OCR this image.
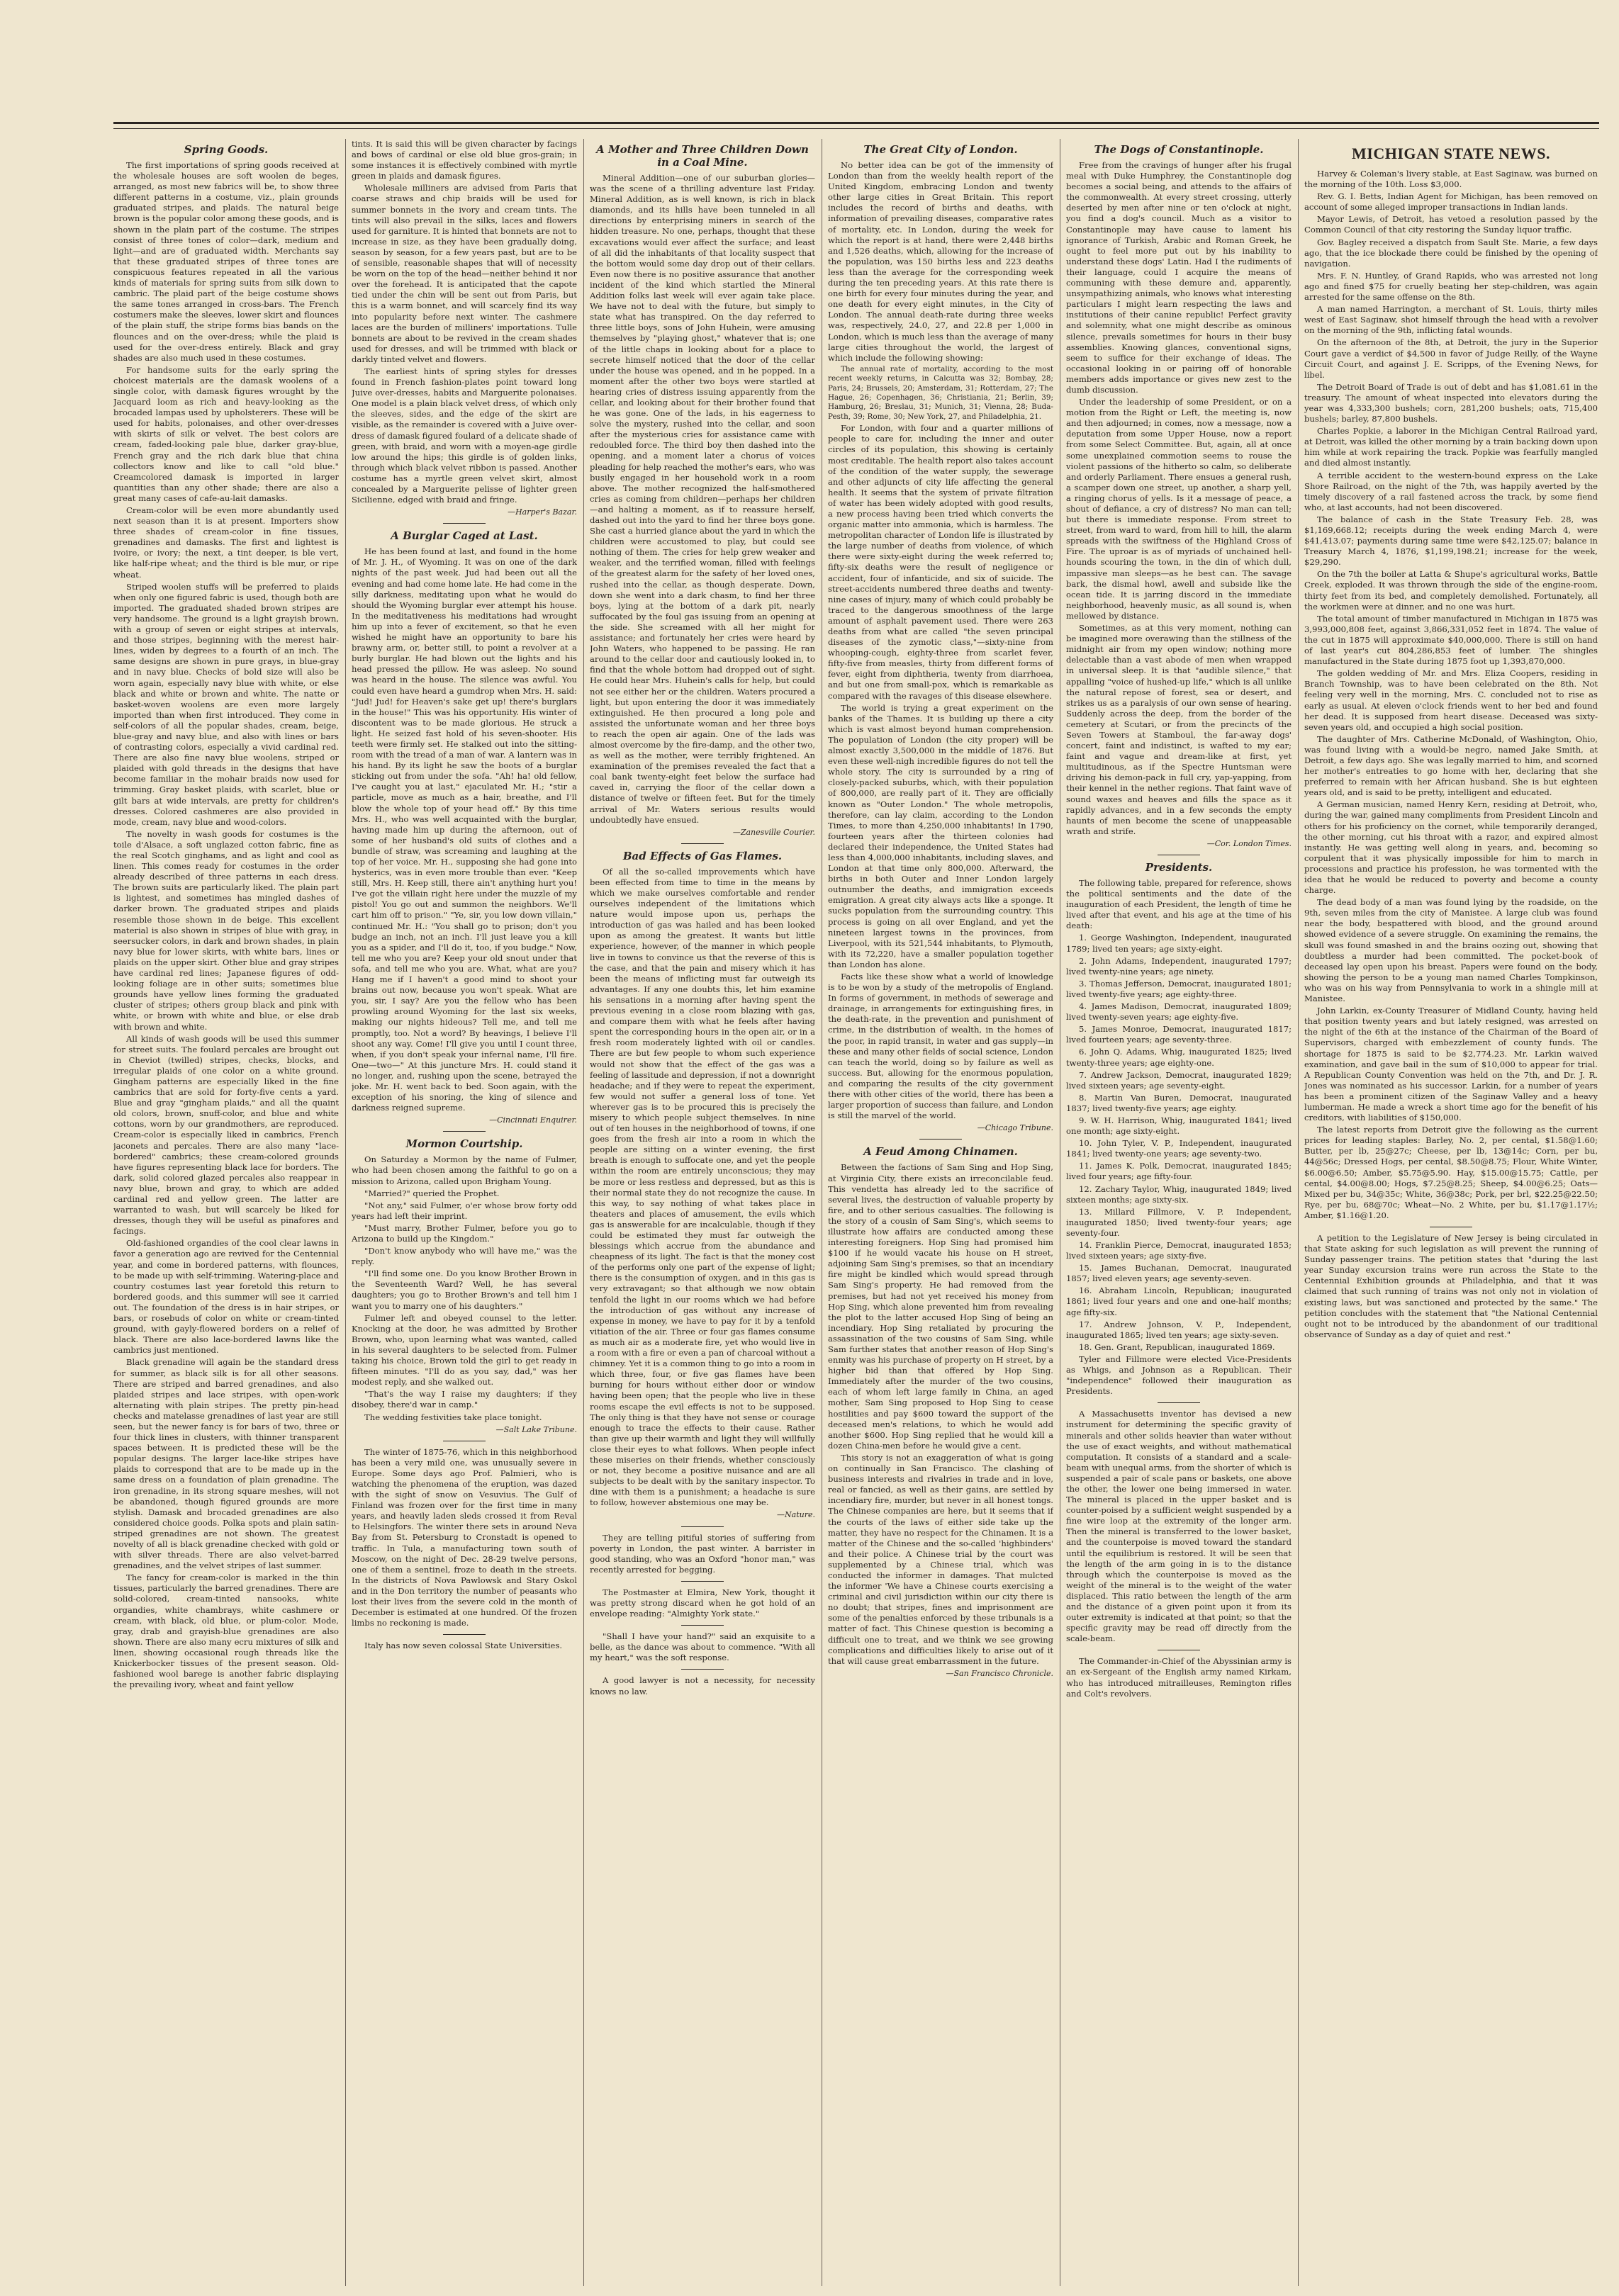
Spring Goods.

The first importations of spring goods received at the wholesale houses are soft woolen de beges, arranged, as most new fabrics will be, to show three different patterns in a costume, viz., plain grounds graduated stripes, and plaids. The natural beige brown is the popular color among these goods, and is shown in the plain part of the costume. The stripes consist of three tones of color—dark, medium and light—and are of graduated width. Merchants say that these graduated stripes of three tones are conspicuous features repeated in all the various kinds of materials for spring suits from silk down to cambric. The plaid part of the beige costume shows the same tones arranged in cross-bars. The French costumers make the sleeves, lower skirt and flounces of the plain stuff, the stripe forms bias bands on the flounces and on the over-dress; while the plaid is used for the over-dress entirely. Black and gray shades are also much used in these costumes.

For handsome suits for the early spring the choicest materials are the damask woolens of a single color, with damask figures wrought by the Jacquard loom as rich and heavy-looking as the brocaded lampas used by upholsterers. These will be used for habits, polonaises, and other over-dresses with skirts of silk or velvet. The best colors are cream, faded-looking pale blue, darker gray-blue, French gray and the rich dark blue that china collectors know and like to call "old blue." Creamcolored damask is imported in larger quantities than any other shade; there are also a great many cases of cafe-au-lait damasks.

Cream-color will be even more abundantly used next season than it is at present. Importers show three shades of cream-color in fine tissues, grenadines and damasks. The first and lightest is ivoire, or ivory; the next, a tint deeper, is ble vert, like half-ripe wheat; and the third is ble mur, or ripe wheat.

Striped woolen stuffs will be preferred to plaids when only one figured fabric is used, though both are imported. The graduated shaded brown stripes are very handsome. The ground is a light grayish brown, with a group of seven or eight stripes at intervals, and those stripes, beginning with the merest hair-lines, widen by degrees to a fourth of an inch. The same designs are shown in pure grays, in blue-gray and in navy blue. Checks of bold size will also be worn again, especially navy blue with white, or else black and white or brown and white. The natte or basket-woven woolens are even more largely imported than when first introduced. They come in self-colors of all the popular shades, cream, beige, blue-gray and navy blue, and also with lines or bars of contrasting colors, especially a vivid cardinal red. There are also fine navy blue woolens, striped or plaided with gold threads in the designs that have become familiar in the mohair braids now used for trimming. Gray basket plaids, with scarlet, blue or gilt bars at wide intervals, are pretty for children's dresses. Colored cashmeres are also provided in mode, cream, navy blue and wood-colors.

The novelty in wash goods for costumes is the toile d'Alsace, a soft unglazed cotton fabric, fine as the real Scotch ginghams, and as light and cool as linen. This comes ready for costumes in the order already described of three patterns in each dress. The brown suits are particularly liked. The plain part is lightest, and sometimes has mingled dashes of darker brown. The graduated stripes and plaids resemble those shown in de beige. This excellent material is also shown in stripes of blue with gray, in seersucker colors, in dark and brown shades, in plain navy blue for lower skirts, with white bars, lines or plaids on the upper skirt. Other blue and gray stripes have cardinal red lines; Japanese figures of odd-looking foliage are in other suits; sometimes blue grounds have yellow lines forming the graduated cluster of stripes; others group black and pink with white, or brown with white and blue, or else drab with brown and white.

All kinds of wash goods will be used this summer for street suits. The foulard percales are brought out in Cheviot (twilled) stripes, checks, blocks, and irregular plaids of one color on a white ground. Gingham patterns are especially liked in the fine cambrics that are sold for forty-five cents a yard. Blue and gray "gingham plaids," and all the quaint old colors, brown, snuff-color, and blue and white cottons, worn by our grandmothers, are reproduced. Cream-color is especially liked in cambrics, French jaconets and percales. There are also many "lace-bordered" cambrics; these cream-colored grounds have figures representing black lace for borders. The dark, solid colored glazed percales also reappear in navy blue, brown and gray, to which are added cardinal red and yellow green. The latter are warranted to wash, but will scarcely be liked for dresses, though they will be useful as pinafores and facings.

Old-fashioned organdies of the cool clear lawns in favor a generation ago are revived for the Centennial year, and come in bordered patterns, with flounces, to be made up with self-trimming. Watering-place and country costumes last year foretold this return to bordered goods, and this summer will see it carried out. The foundation of the dress is in hair stripes, or bars, or rosebuds of color on white or cream-tinted ground, with gayly-flowered borders on a relief of black. There are also lace-bordered lawns like the cambrics just mentioned.

Black grenadine will again be the standard dress for summer, as black silk is for all other seasons. There are striped and barred grenadines, and also plaided stripes and lace stripes, with open-work alternating with plain stripes. The pretty pin-head checks and matelasse grenadines of last year are still seen, but the newer fancy is for bars of two, three or four thick lines in clusters, with thinner transparent spaces between. It is predicted these will be the popular designs. The larger lace-like stripes have plaids to correspond that are to be made up in the same dress on a foundation of plain grenadine. The iron grenadine, in its strong square meshes, will not be abandoned, though figured grounds are more stylish. Damask and brocaded grenadines are also considered choice goods. Polka spots and plain satin-striped grenadines are not shown. The greatest novelty of all is black grenadine checked with gold or with silver threads. There are also velvet-barred grenadines, and the velvet stripes of last summer.

The fancy for cream-color is marked in the thin tissues, particularly the barred grenadines. There are solid-colored, cream-tinted nansooks, white organdies, white chambrays, white cashmere or cream, with black, old blue, or plum-color. Mode, gray, drab and grayish-blue grenadines are also shown. There are also many ecru mixtures of silk and linen, showing occasional rough threads like the Knickerbocker tissues of the present season. Old-fashioned wool barege is another fabric displaying the prevailing ivory, wheat and faint yellow

tints. It is said this will be given character by facings and bows of cardinal or else old blue gros-grain; in some instances it is effectively combined with myrtle green in plaids and damask figures.

Wholesale milliners are advised from Paris that coarse straws and chip braids will be used for summer bonnets in the ivory and cream tints. The tints will also prevail in the silks, laces and flowers used for garniture. It is hinted that bonnets are not to increase in size, as they have been gradually doing, season by season, for a few years past, but are to be of sensible, reasonable shapes that will of necessity be worn on the top of the head—neither behind it nor over the forehead. It is anticipated that the capote tied under the chin will be sent out from Paris, but this is a warm bonnet, and will scarcely find its way into popularity before next winter. The cashmere laces are the burden of milliners' importations. Tulle bonnets are about to be revived in the cream shades used for dresses, and will be trimmed with black or darkly tinted velvet and flowers.

The earliest hints of spring styles for dresses found in French fashion-plates point toward long Juive over-dresses, habits and Marguerite polonaises. One model is a plain black velvet dress, of which only the sleeves, sides, and the edge of the skirt are visible, as the remainder is covered with a Juive over-dress of damask figured foulard of a delicate shade of green, with braid, and worn with a moyen-age girdle low around the hips; this girdle is of golden links, through which black velvet ribbon is passed. Another costume has a myrtle green velvet skirt, almost concealed by a Marguerite pelisse of lighter green Sicilienne, edged with braid and fringe.

—Harper's Bazar.
A Burglar Caged at Last.

He has been found at last, and found in the home of Mr. J. H., of Wyoming. It was on one of the dark nights of the past week. Jud had been out all the evening and had come home late. He had come in the silly darkness, meditating upon what he would do should the Wyoming burglar ever attempt his house. In the meditativeness his meditations had wrought him up into a fever of excitement, so that he even wished he might have an opportunity to bare his brawny arm, or, better still, to point a revolver at a burly burglar. He had blown out the lights and his head pressed the pillow. He was asleep. No sound was heard in the house. The silence was awful. You could even have heard a gumdrop when Mrs. H. said: "Jud! Jud! for Heaven's sake get up! there's burglars in the house!" This was his opportunity. His winter of discontent was to be made glorious. He struck a light. He seized fast hold of his seven-shooter. His teeth were firmly set. He stalked out into the sitting-room with the tread of a man of war. A lantern was in his hand. By its light he saw the boots of a burglar sticking out from under the sofa. "Ah! ha! old fellow, I've caught you at last," ejaculated Mr. H.; "stir a particle, move as much as a hair, breathe, and I'll blow the whole top of your head off." By this time Mrs. H., who was well acquainted with the burglar, having made him up during the afternoon, out of some of her husband's old suits of clothes and a bundle of straw, was screaming and laughing at the top of her voice. Mr. H., supposing she had gone into hysterics, was in even more trouble than ever. "Keep still, Mrs. H. Keep still, there ain't anything hurt you! I've got the villain right here under the muzzle of my pistol! You go out and summon the neighbors. We'll cart him off to prison." "Ye, sir, you low down villain," continued Mr. H.: "You shall go to prison; don't you budge an inch, not an inch. I'll just leave you a kill you as a spider, and I'll do it, too, if you budge." Now, tell me who you are? Keep your old snout under that sofa, and tell me who you are. What, what are you? Hang me if I haven't a good mind to shoot your brains out now, because you won't speak. What are you, sir, I say? Are you the fellow who has been prowling around Wyoming for the last six weeks, making our nights hideous? Tell me, and tell me promptly, too. Not a word? By heavings, I believe I'll shoot any way. Come! I'll give you until I count three, when, if you don't speak your infernal name, I'll fire. One—two—" At this juncture Mrs. H. could stand it no longer, and, rushing upon the scene, betrayed the joke. Mr. H. went back to bed. Soon again, with the exception of his snoring, the king of silence and darkness reigned supreme.

—Cincinnati Enquirer.
Mormon Courtship.

On Saturday a Mormon by the name of Fulmer, who had been chosen among the faithful to go on a mission to Arizona, called upon Brigham Young.

"Married?" queried the Prophet.

"Not any," said Fulmer, o'er whose brow forty odd years had left their imprint.

"Must marry, Brother Fulmer, before you go to Arizona to build up the Kingdom."

"Don't know anybody who will have me," was the reply.

"I'll find some one. Do you know Brother Brown in the Seventeenth Ward? Well, he has several daughters; you go to Brother Brown's and tell him I want you to marry one of his daughters."

Fulmer left and obeyed counsel to the letter. Knocking at the door, he was admitted by Brother Brown, who, upon learning what was wanted, called in his several daughters to be selected from. Fulmer taking his choice, Brown told the girl to get ready in fifteen minutes. "I'll do as you say, dad," was her modest reply, and she walked out.

"That's the way I raise my daughters; if they disobey, there'd war in camp."

The wedding festivities take place tonight.

—Salt Lake Tribune.

The winter of 1875-76, which in this neighborhood has been a very mild one, was unusually severe in Europe. Some days ago Prof. Palmieri, who is watching the phenomena of the eruption, was dazed with the sight of snow on Vesuvius. The Gulf of Finland was frozen over for the first time in many years, and heavily laden sleds crossed it from Reval to Helsingfors. The winter there sets in around Neva Bay from St. Petersburg to Cronstadt is opened to traffic. In Tula, a manufacturing town south of Moscow, on the night of Dec. 28-29 twelve persons, one of them a sentinel, froze to death in the streets. In the districts of Nova Pawlowsk and Stary Oskol and in the Don territory the number of peasants who lost their lives from the severe cold in the month of December is estimated at one hundred. Of the frozen limbs no reckoning is made.

Italy has now seven colossal State Universities.

A Mother and Three Children Down in a Coal Mine.

Mineral Addition—one of our suburban glories—was the scene of a thrilling adventure last Friday. Mineral Addition, as is well known, is rich in black diamonds, and its hills have been tunneled in all directions by enterprising miners in search of the hidden treasure. No one, perhaps, thought that these excavations would ever affect the surface; and least of all did the inhabitants of that locality suspect that the bottom would some day drop out of their cellars. Even now there is no positive assurance that another incident of the kind which startled the Mineral Addition folks last week will ever again take place. We have not to deal with the future, but simply to state what has transpired. On the day referred to three little boys, sons of John Huhein, were amusing themselves by "playing ghost," whatever that is; one of the little chaps in looking about for a place to secrete himself noticed that the door of the cellar under the house was opened, and in he popped. In a moment after the other two boys were startled at hearing cries of distress issuing apparently from the cellar, and looking about for their brother found that he was gone. One of the lads, in his eagerness to solve the mystery, rushed into the cellar, and soon after the mysterious cries for assistance came with redoubled force. The third boy then dashed into the opening, and a moment later a chorus of voices pleading for help reached the mother's ears, who was busily engaged in her household work in a room above. The mother recognized the half-smothered cries as coming from children—perhaps her children—and halting a moment, as if to reassure herself, dashed out into the yard to find her three boys gone. She cast a hurried glance about the yard in which the children were accustomed to play, but could see nothing of them. The cries for help grew weaker and weaker, and the terrified woman, filled with feelings of the greatest alarm for the safety of her loved ones, rushed into the cellar, as though desperate. Down, down she went into a dark chasm, to find her three boys, lying at the bottom of a dark pit, nearly suffocated by the foul gas issuing from an opening at the side. She screamed with all her might for assistance; and fortunately her cries were heard by John Waters, who happened to be passing. He ran around to the cellar door and cautiously looked in, to find that the whole bottom had dropped out of sight. He could hear Mrs. Huhein's calls for help, but could not see either her or the children. Waters procured a light, but upon entering the door it was immediately extinguished. He then procured a long pole and assisted the unfortunate woman and her three boys to reach the open air again. One of the lads was almost overcome by the fire-damp, and the other two, as well as the mother, were terribly frightened. An examination of the premises revealed the fact that a coal bank twenty-eight feet below the surface had caved in, carrying the floor of the cellar down a distance of twelve or fifteen feet. But for the timely arrival of Mr. Waters serious results would undoubtedly have ensued.

—Zanesville Courier.
Bad Effects of Gas Flames.

Of all the so-called improvements which have been effected from time to time in the means by which we make ourselves comfortable and render ourselves independent of the limitations which nature would impose upon us, perhaps the introduction of gas was hailed and has been looked upon as among the greatest. It wants but little experience, however, of the manner in which people live in towns to convince us that the reverse of this is the case, and that the pain and misery which it has been the means of inflicting must far outweigh its advantages. If any one doubts this, let him examine his sensations in a morning after having spent the previous evening in a close room blazing with gas, and compare them with what he feels after having spent the corresponding hours in the open air, or in a fresh room moderately lighted with oil or candles. There are but few people to whom such experience would not show that the effect of the gas was a feeling of lassitude and depression, if not a downright headache; and if they were to repeat the experiment, few would not suffer a general loss of tone. Yet wherever gas is to be procured this is precisely the misery to which people subject themselves. In nine out of ten houses in the neighborhood of towns, if one goes from the fresh air into a room in which the people are sitting on a winter evening, the first breath is enough to suffocate one, and yet the people within the room are entirely unconscious; they may be more or less restless and depressed, but as this is their normal state they do not recognize the cause. In this way, to say nothing of what takes place in theaters and places of amusement, the evils which gas is answerable for are incalculable, though if they could be estimated they must far outweigh the blessings which accrue from the abundance and cheapness of its light. The fact is that the money cost of the performs only one part of the expense of light; there is the consumption of oxygen, and in this gas is very extravagant; so that although we now obtain tenfold the light in our rooms which we had before the introduction of gas without any increase of expense in money, we have to pay for it by a tenfold vitiation of the air. Three or four gas flames consume as much air as a moderate fire, yet who would live in a room with a fire or even a pan of charcoal without a chimney. Yet it is a common thing to go into a room in which three, four, or five gas flames have been burning for hours without either door or window having been open; that the people who live in these rooms escape the evil effects is not to be supposed. The only thing is that they have not sense or courage enough to trace the effects to their cause. Rather than give up their warmth and light they will willfully close their eyes to what follows. When people infect these miseries on their friends, whether consciously or not, they become a positive nuisance and are all subjects to be dealt with by the sanitary inspector. To dine with them is a punishment; a headache is sure to follow, however abstemious one may be.

—Nature.

They are telling pitiful stories of suffering from poverty in London, the past winter. A barrister in good standing, who was an Oxford "honor man," was recently arrested for begging.

The Postmaster at Elmira, New York, thought it was pretty strong discard when he got hold of an envelope reading: "Almighty York state."

"Shall I have your hand?" said an exquisite to a belle, as the dance was about to commence. "With all my heart," was the soft response.

A good lawyer is not a necessity, for necessity knows no law.

The Great City of London.

No better idea can be got of the immensity of London than from the weekly health report of the United Kingdom, embracing London and twenty other large cities in Great Britain. This report includes the record of births and deaths, with information of prevailing diseases, comparative rates of mortality, etc. In London, during the week for which the report is at hand, there were 2,448 births and 1,526 deaths, which, allowing for the increase of the population, was 150 births less and 223 deaths less than the average for the corresponding week during the ten preceding years. At this rate there is one birth for every four minutes during the year, and one death for every eight minutes, in the City of London. The annual death-rate during three weeks was, respectively, 24.0, 27, and 22.8 per 1,000 in London, which is much less than the average of many large cities throughout the world, the largest of which include the following showing:

The annual rate of mortality, according to the most recent weekly returns, in Calcutta was 32; Bombay, 28; Paris, 24; Brussels, 20; Amsterdam, 31; Rotterdam, 27; The Hague, 26; Copenhagen, 36; Christiania, 21; Berlin, 39; Hamburg, 26; Breslau, 31; Munich, 31; Vienna, 28; Buda-Pesth, 39; Rome, 30; New York, 27, and Philadelphia, 21.

For London, with four and a quarter millions of people to care for, including the inner and outer circles of its population, this showing is certainly most creditable. The health report also takes account of the condition of the water supply, the sewerage and other adjuncts of city life affecting the general health. It seems that the system of private filtration of water has been widely adopted with good results, a new process having been tried which converts the organic matter into ammonia, which is harmless. The metropolitan character of London life is illustrated by the large number of deaths from violence, of which there were sixty-eight during the week referred to; fifty-six deaths were the result of negligence or accident, four of infanticide, and six of suicide. The street-accidents numbered three deaths and twenty-nine cases of injury, many of which could probably be traced to the dangerous smoothness of the large amount of asphalt pavement used. There were 263 deaths from what are called "the seven principal diseases of the zymotic class,"—sixty-nine from whooping-cough, eighty-three from scarlet fever, fifty-five from measles, thirty from different forms of fever, eight from diphtheria, twenty from diarrhoea, and but one from small-pox, which is remarkable as compared with the ravages of this disease elsewhere.

The world is trying a great experiment on the banks of the Thames. It is building up there a city which is vast almost beyond human comprehension. The population of London (the city proper) will be almost exactly 3,500,000 in the middle of 1876. But even these well-nigh incredible figures do not tell the whole story. The city is surrounded by a ring of closely-packed suburbs, which, with their population of 800,000, are really part of it. They are officially known as "Outer London." The whole metropolis, therefore, can lay claim, according to the London Times, to more than 4,250,000 inhabitants! In 1790, fourteen years after the thirteen colonies had declared their independence, the United States had less than 4,000,000 inhabitants, including slaves, and London at that time only 800,000. Afterward, the births in both Outer and Inner London largely outnumber the deaths, and immigration exceeds emigration. A great city always acts like a sponge. It sucks population from the surrounding country. This process is going on all over England, and yet the nineteen largest towns in the provinces, from Liverpool, with its 521,544 inhabitants, to Plymouth, with its 72,220, have a smaller population together than London has alone.

Facts like these show what a world of knowledge is to be won by a study of the metropolis of England. In forms of government, in methods of sewerage and drainage, in arrangements for extinguishing fires, in the death-rate, in the prevention and punishment of crime, in the distribution of wealth, in the homes of the poor, in rapid transit, in water and gas supply—in these and many other fields of social science, London can teach the world, doing so by failure as well as success. But, allowing for the enormous population, and comparing the results of the city government there with other cities of the world, there has been a larger proportion of success than failure, and London is still the marvel of the world.

—Chicago Tribune.
A Feud Among Chinamen.

Between the factions of Sam Sing and Hop Sing, at Virginia City, there exists an irreconcilable feud. This vendetta has already led to the sacrifice of several lives, the destruction of valuable property by fire, and to other serious casualties. The following is the story of a cousin of Sam Sing's, which seems to illustrate how affairs are conducted among these interesting foreigners. Hop Sing had promised him $100 if he would vacate his house on H street, adjoining Sam Sing's premises, so that an incendiary fire might be kindled which would spread through Sam Sing's property. He had removed from the premises, but had not yet received his money from Hop Sing, which alone prevented him from revealing the plot to the latter accused Hop Sing of being an incendiary. Hop Sing retaliated by procuring the assassination of the two cousins of Sam Sing, while Sam further states that another reason of Hop Sing's enmity was his purchase of property on H street, by a higher bid than that offered by Hop Sing. Immediately after the murder of the two cousins, each of whom left large family in China, an aged mother, Sam Sing proposed to Hop Sing to cease hostilities and pay $600 toward the support of the deceased men's relations, to which he would add another $600. Hop Sing replied that he would kill a dozen China-men before he would give a cent.

This story is not an exaggeration of what is going on continually in San Francisco. The clashing of business interests and rivalries in trade and in love, real or fancied, as well as their gains, are settled by incendiary fire, murder, but never in all honest tongs. The Chinese companies are here, but it seems that if the courts of the laws of either side take up the matter, they have no respect for the Chinamen. It is a matter of the Chinese and the so-called 'highbinders' and their police. A Chinese trial by the court was supplemented by a Chinese trial, which was conducted the informer in damages. That mulcted the informer 'We have a Chinese courts exercising a criminal and civil jurisdiction within our city there is no doubt; that stripes, fines and imprisonment are some of the penalties enforced by these tribunals is a matter of fact. This Chinese question is becoming a difficult one to treat, and we think we see growing complications and difficulties likely to arise out of it that will cause great embarrassment in the future.

—San Francisco Chronicle.
The Dogs of Constantinople.

Free from the cravings of hunger after his frugal meal with Duke Humphrey, the Constantinople dog becomes a social being, and attends to the affairs of the commonwealth. At every street crossing, utterly deserted by men after nine or ten o'clock at night, you find a dog's council. Much as a visitor to Constantinople may have cause to lament his ignorance of Turkish, Arabic and Roman Greek, he ought to feel more put out by his inability to understand these dogs' Latin. Had I the rudiments of their language, could I acquire the means of communing with these demure and, apparently, unsympathizing animals, who knows what interesting particulars I might learn respecting the laws and institutions of their canine republic! Perfect gravity and solemnity, what one might describe as ominous silence, prevails sometimes for hours in their busy assemblies. Knowing glances, conventional signs, seem to suffice for their exchange of ideas. The occasional looking in or pairing off of honorable members adds importance or gives new zest to the dumb discussion.

Under the leadership of some President, or on a motion from the Right or Left, the meeting is, now and then adjourned; in comes, now a message, now a deputation from some Upper House, now a report from some Select Committee. But, again, all at once some unexplained commotion seems to rouse the violent passions of the hitherto so calm, so deliberate and orderly Parliament. There ensues a general rush, a scamper down one street, up another, a sharp yell, a ringing chorus of yells. Is it a message of peace, a shout of defiance, a cry of distress? No man can tell; but there is immediate response. From street to street, from ward to ward, from hill to hill, the alarm spreads with the swiftness of the Highland Cross of Fire. The uproar is as of myriads of unchained hell-hounds scouring the town, in the din of which dull, impassive man sleeps—as he best can. The savage bark, the dismal howl, awell and subside like the ocean tide. It is jarring discord in the immediate neighborhood, heavenly music, as all sound is, when mellowed by distance.

Sometimes, as at this very moment, nothing can be imagined more overawing than the stillness of the midnight air from my open window; nothing more delectable than a vast abode of men when wrapped in universal sleep. It is that "audible silence," that appalling "voice of hushed-up life," which is all unlike the natural repose of forest, sea or desert, and strikes us as a paralysis of our own sense of hearing. Suddenly across the deep, from the border of the cemetery at Scutari, or from the precincts of the Seven Towers at Stamboul, the far-away dogs' concert, faint and indistinct, is wafted to my ear; faint and vague and dream-like at first, yet multitudinous, as if the Spectre Huntsman were driving his demon-pack in full cry, yap-yapping, from their kennel in the nether regions. That faint wave of sound waxes and heaves and fills the space as it rapidly advances, and in a few seconds the empty haunts of men become the scene of unappeasable wrath and strife.

—Cor. London Times.
Presidents.

The following table, prepared for reference, shows the political sentiments and the date of the inauguration of each President, the length of time he lived after that event, and his age at the time of his death:

1. George Washington, Independent, inaugurated 1789; lived ten years; age sixty-eight.

2. John Adams, Independent, inaugurated 1797; lived twenty-nine years; age ninety.

3. Thomas Jefferson, Democrat, inaugurated 1801; lived twenty-five years; age eighty-three.

4. James Madison, Democrat, inaugurated 1809; lived twenty-seven years; age eighty-five.

5. James Monroe, Democrat, inaugurated 1817; lived fourteen years; age seventy-three.

6. John Q. Adams, Whig, inaugurated 1825; lived twenty-three years; age eighty-one.

7. Andrew Jackson, Democrat, inaugurated 1829; lived sixteen years; age seventy-eight.

8. Martin Van Buren, Democrat, inaugurated 1837; lived twenty-five years; age eighty.

9. W. H. Harrison, Whig, inaugurated 1841; lived one month; age sixty-eight.

10. John Tyler, V. P., Independent, inaugurated 1841; lived twenty-one years; age seventy-two.

11. James K. Polk, Democrat, inaugurated 1845; lived four years; age fifty-four.

12. Zachary Taylor, Whig, inaugurated 1849; lived sixteen months; age sixty-six.

13. Millard Fillmore, V. P. Independent, inaugurated 1850; lived twenty-four years; age seventy-four.

14. Franklin Pierce, Democrat, inaugurated 1853; lived sixteen years; age sixty-five.

15. James Buchanan, Democrat, inaugurated 1857; lived eleven years; age seventy-seven.

16. Abraham Lincoln, Republican; inaugurated 1861; lived four years and one and one-half months; age fifty-six.

17. Andrew Johnson, V. P., Independent, inaugurated 1865; lived ten years; age sixty-seven.

18. Gen. Grant, Republican, inaugurated 1869.

Tyler and Fillmore were elected Vice-Presidents as Whigs, and Johnson as a Republican. Their "independence" followed their inauguration as Presidents.

A Massachusetts inventor has devised a new instrument for determining the specific gravity of minerals and other solids heavier than water without the use of exact weights, and without mathematical computation. It consists of a standard and a scale-beam with unequal arms, from the shorter of which is suspended a pair of scale pans or baskets, one above the other, the lower one being immersed in water. The mineral is placed in the upper basket and is counter-poised by a sufficient weight suspended by a fine wire loop at the extremity of the longer arm. Then the mineral is transferred to the lower basket, and the counterpoise is moved toward the standard until the equilibrium is restored. It will be seen that the length of the arm going in is to the distance through which the counterpoise is moved as the weight of the mineral is to the weight of the water displaced. This ratio between the length of the arm and the distance of a given point upon it from its outer extremity is indicated at that point; so that the specific gravity may be read off directly from the scale-beam.

The Commander-in-Chief of the Abyssinian army is an ex-Sergeant of the English army named Kirkam, who has introduced mitrailleuses, Remington rifles and Colt's revolvers.

MICHIGAN STATE NEWS.

Harvey & Coleman's livery stable, at East Saginaw, was burned on the morning of the 10th. Loss $3,000.

Rev. G. I. Betts, Indian Agent for Michigan, has been removed on account of some alleged improper transactions in Indian lands.

Mayor Lewis, of Detroit, has vetoed a resolution passed by the Common Council of that city restoring the Sunday liquor traffic.

Gov. Bagley received a dispatch from Sault Ste. Marie, a few days ago, that the ice blockade there could be finished by the opening of navigation.

Mrs. F. N. Huntley, of Grand Rapids, who was arrested not long ago and fined $75 for cruelly beating her step-children, was again arrested for the same offense on the 8th.

A man named Harrington, a merchant of St. Louis, thirty miles west of East Saginaw, shot himself through the head with a revolver on the morning of the 9th, inflicting fatal wounds.

On the afternoon of the 8th, at Detroit, the jury in the Superior Court gave a verdict of $4,500 in favor of Judge Reilly, of the Wayne Circuit Court, and against J. E. Scripps, of the Evening News, for libel.

The Detroit Board of Trade is out of debt and has $1,081.61 in the treasury. The amount of wheat inspected into elevators during the year was 4,333,300 bushels; corn, 281,200 bushels; oats, 715,400 bushels; barley, 87,800 bushels.

Charles Popkie, a laborer in the Michigan Central Railroad yard, at Detroit, was killed the other morning by a train backing down upon him while at work repairing the track. Popkie was fearfully mangled and died almost instantly.

A terrible accident to the western-bound express on the Lake Shore Railroad, on the night of the 7th, was happily averted by the timely discovery of a rail fastened across the track, by some fiend who, at last accounts, had not been discovered.

The balance of cash in the State Treasury Feb. 28, was $1,169,668.12; receipts during the week ending March 4, were $41,413.07; payments during same time were $42,125.07; balance in Treasury March 4, 1876, $1,199,198.21; increase for the week, $29,290.

On the 7th the boiler at Latta & Shupe's agricultural works, Battle Creek, exploded. It was thrown through the side of the engine-room, thirty feet from its bed, and completely demolished. Fortunately, all the workmen were at dinner, and no one was hurt.

The total amount of timber manufactured in Michigan in 1875 was 3,993,000,808 feet, against 3,866,331,052 feet in 1874. The value of the cut in 1875 will approximate $40,000,000. There is still on hand of last year's cut 804,286,853 feet of lumber. The shingles manufactured in the State during 1875 foot up 1,393,870,000.

The golden wedding of Mr. and Mrs. Eliza Coopers, residing in Branch Township, was to have been celebrated on the 8th. Not feeling very well in the morning, Mrs. C. concluded not to rise as early as usual. At eleven o'clock friends went to her bed and found her dead. It is supposed from heart disease. Deceased was sixty-seven years old, and occupied a high social position.

The daughter of Mrs. Catherine McDonald, of Washington, Ohio, was found living with a would-be negro, named Jake Smith, at Detroit, a few days ago. She was legally married to him, and scorned her mother's entreaties to go home with her, declaring that she preferred to remain with her African husband. She is but eighteen years old, and is said to be pretty, intelligent and educated.

A German musician, named Henry Kern, residing at Detroit, who, during the war, gained many compliments from President Lincoln and others for his proficiency on the cornet, while temporarily deranged, the other morning, cut his throat with a razor, and expired almost instantly. He was getting well along in years, and, becoming so corpulent that it was physically impossible for him to march in processions and practice his profession, he was tormented with the idea that he would be reduced to poverty and become a county charge.

The dead body of a man was found lying by the roadside, on the 9th, seven miles from the city of Manistee. A large club was found near the body, bespattered with blood, and the ground around showed evidence of a severe struggle. On examining the remains, the skull was found smashed in and the brains oozing out, showing that doubtless a murder had been committed. The pocket-book of deceased lay open upon his breast. Papers were found on the body, showing the person to be a young man named Charles Tompkinson, who was on his way from Pennsylvania to work in a shingle mill at Manistee.

John Larkin, ex-County Treasurer of Midland County, having held that position twenty years and but lately resigned, was arrested on the night of the 6th at the instance of the Chairman of the Board of Supervisors, charged with embezzlement of county funds. The shortage for 1875 is said to be $2,774.23. Mr. Larkin waived examination, and gave bail in the sum of $10,000 to appear for trial. A Republican County Convention was held on the 7th, and Dr. J. R. Jones was nominated as his successor. Larkin, for a number of years has been a prominent citizen of the Saginaw Valley and a heavy lumberman. He made a wreck a short time ago for the benefit of his creditors, with liabilities of $150,000.

The latest reports from Detroit give the following as the current prices for leading staples: Barley, No. 2, per cental, $1.58@1.60; Butter, per lb, 25@27c; Cheese, per lb, 13@14c; Corn, per bu, 44@56c; Dressed Hogs, per cental, $8.50@8.75; Flour, White Winter, $6.00@6.50; Amber, $5.75@5.90. Hay, $15.00@15.75; Cattle, per cental, $4.00@8.00; Hogs, $7.25@8.25; Sheep, $4.00@6.25; Oats—Mixed per bu, 34@35c; White, 36@38c; Pork, per brl, $22.25@22.50; Rye, per bu, 68@70c; Wheat—No. 2 White, per bu, $1.17@1.17½; Amber, $1.16@1.20.

A petition to the Legislature of New Jersey is being circulated in that State asking for such legislation as will prevent the running of Sunday passenger trains. The petition states that "during the last year Sunday excursion trains were run across the State to the Centennial Exhibition grounds at Philadelphia, and that it was claimed that such running of trains was not only not in violation of existing laws, but was sanctioned and protected by the same." The petition concludes with the statement that "the National Centennial ought not to be introduced by the abandonment of our traditional observance of Sunday as a day of quiet and rest."
